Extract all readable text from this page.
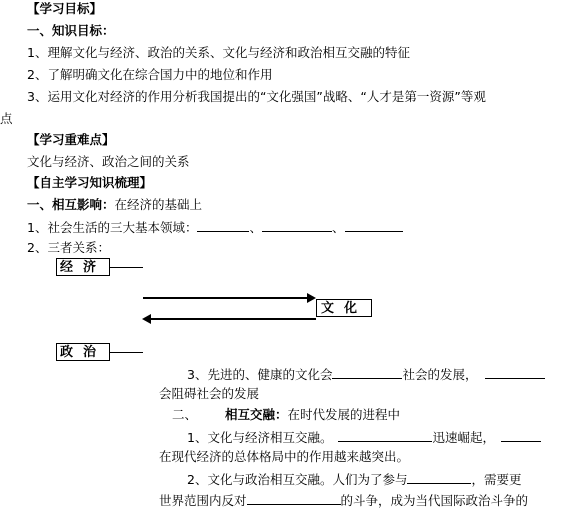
【学习目标】
一、知识目标：
1、理解文化与经济、政治的关系、文化与经济和政治相互交融的特征
2、了解明确文化在综合国力中的地位和作用
3、运用文化对经济的作用分析我国提出的“文化强国”战略、“人才是第一资源”等观
点
【学习重难点】
文化与经济、政治之间的关系
【自主学习知识梳理】
一、相互影响：在经济的基础上
1、社会生活的三大基本领域：	、	、
2、三者关系：
经济
文化
政治
3、先进的、健康的文化会	社会的发展，
会阻碍社会的发展
二、 相互交融：在时代发展的进程中
1、文化与经济相互交融。	迅速崛起，
在现代经济的总体格局中的作用越来越突出。
2、文化与政治相互交融。人们为了参与	，需要更
世界范围内反对	的斗争，成为当代国际政治斗争的
